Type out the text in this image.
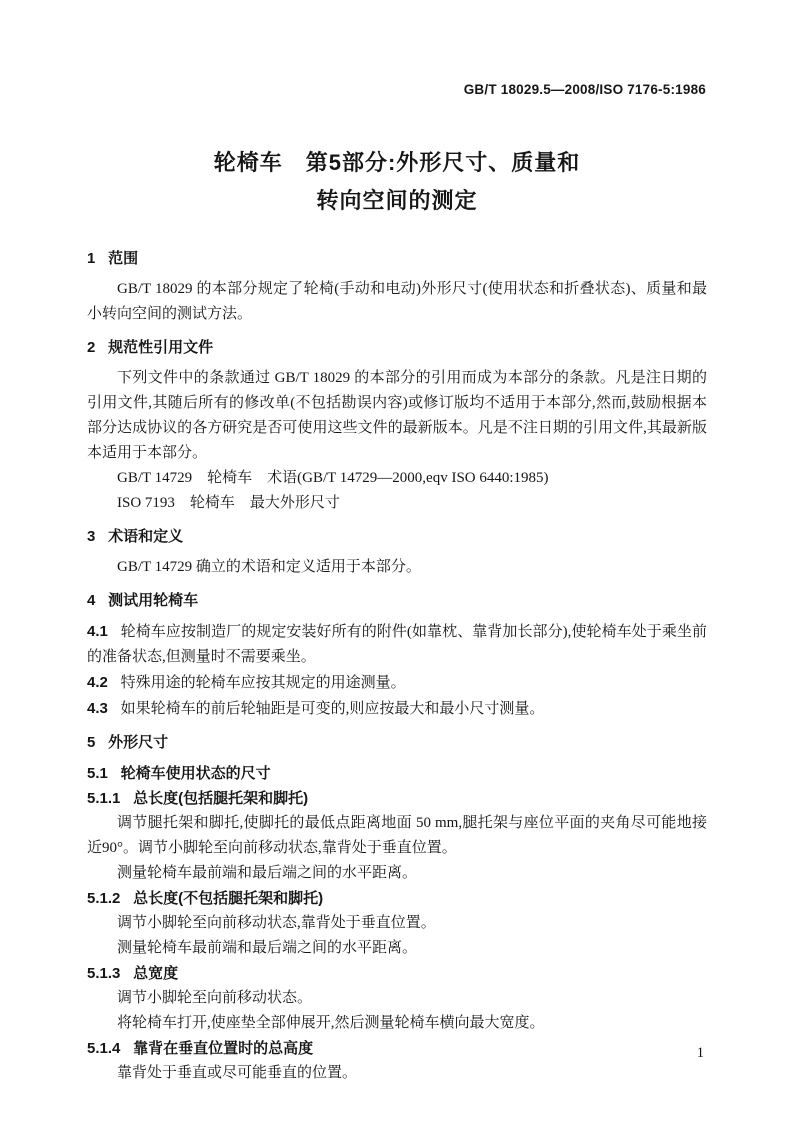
GB/T 18029.5—2008/ISO 7176-5:1986
轮椅车　第5部分:外形尺寸、质量和
转向空间的测定

1 范围

GB/T 18029 的本部分规定了轮椅(手动和电动)外形尺寸(使用状态和折叠状态)、质量和最小转向空间的测试方法。

2 规范性引用文件

下列文件中的条款通过 GB/T 18029 的本部分的引用而成为本部分的条款。凡是注日期的引用文件,其随后所有的修改单(不包括勘误内容)或修订版均不适用于本部分,然而,鼓励根据本部分达成协议的各方研究是否可使用这些文件的最新版本。凡是不注日期的引用文件,其最新版本适用于本部分。

GB/T 14729　轮椅车　术语(GB/T 14729—2000,eqv ISO 6440:1985)

ISO 7193　轮椅车　最大外形尺寸

3 术语和定义

GB/T 14729 确立的术语和定义适用于本部分。

4 测试用轮椅车

4.1 轮椅车应按制造厂的规定安装好所有的附件(如靠枕、靠背加长部分),使轮椅车处于乘坐前的准备状态,但测量时不需要乘坐。

4.2 特殊用途的轮椅车应按其规定的用途测量。

4.3 如果轮椅车的前后轮轴距是可变的,则应按最大和最小尺寸测量。

5 外形尺寸

5.1 轮椅车使用状态的尺寸

5.1.1 总长度(包括腿托架和脚托)

调节腿托架和脚托,使脚托的最低点距离地面 50 mm,腿托架与座位平面的夹角尽可能地接近90°。调节小脚轮至向前移动状态,靠背处于垂直位置。

测量轮椅车最前端和最后端之间的水平距离。

5.1.2 总长度(不包括腿托架和脚托)

调节小脚轮至向前移动状态,靠背处于垂直位置。

测量轮椅车最前端和最后端之间的水平距离。

5.1.3 总宽度

调节小脚轮至向前移动状态。

将轮椅车打开,使座垫全部伸展开,然后测量轮椅车横向最大宽度。

5.1.4 靠背在垂直位置时的总高度

靠背处于垂直或尽可能垂直的位置。

1
